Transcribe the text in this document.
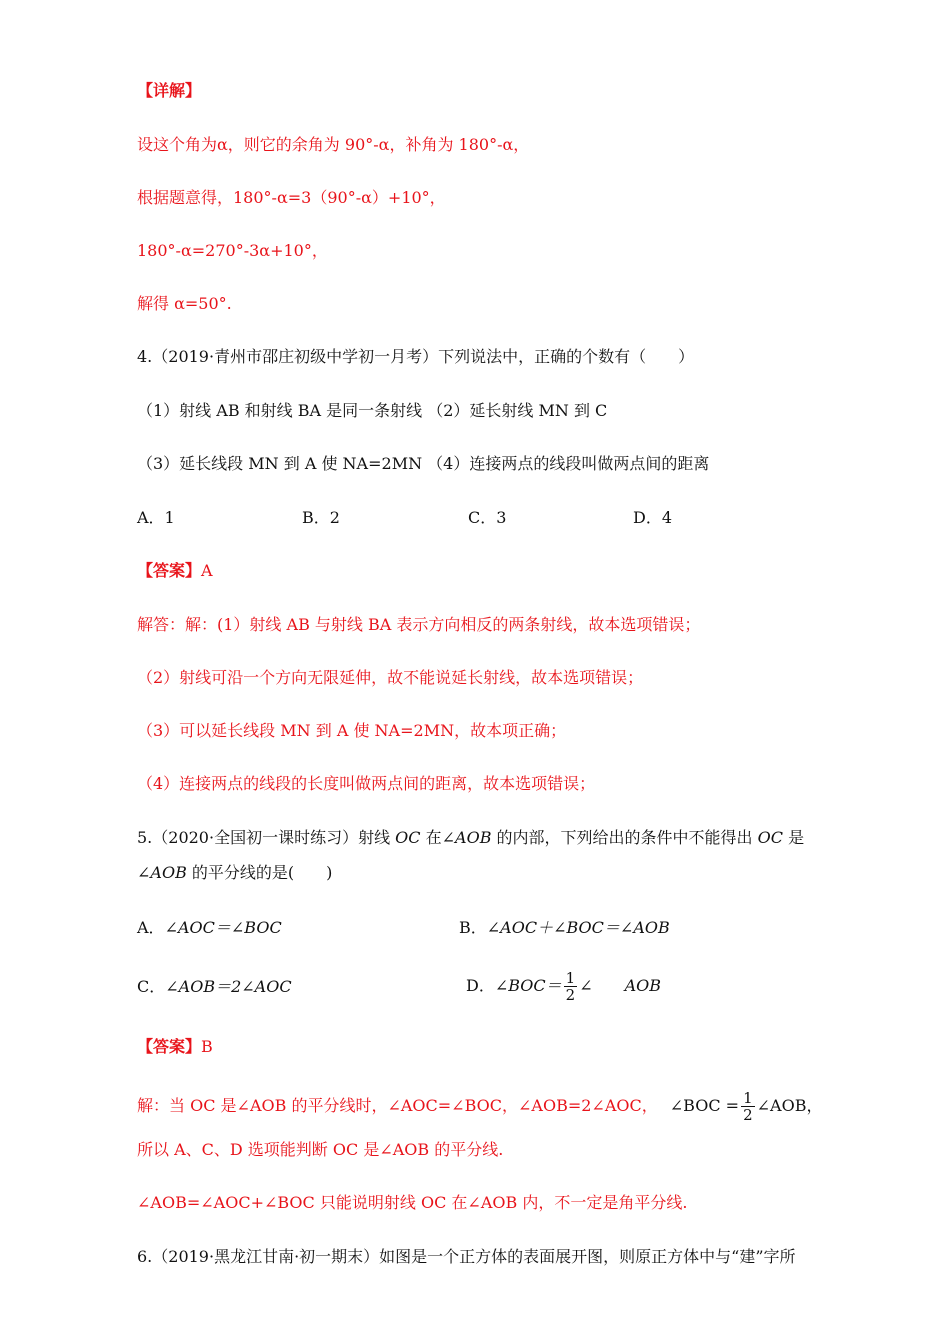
【详解】
设这个角为α，则它的余角为 90°-α，补角为 180°-α，
根据题意得，180°-α=3（90°-α）+10°，
180°-α=270°-3α+10°，
解得 α=50°.
4.（2019·青州市邵庄初级中学初一月考）下列说法中，正确的个数有（　　）
（1）射线 AB 和射线 BA 是同一条射线 （2）延长射线 MN 到 C
（3）延长线段 MN 到 A 使 NA=2MN （4）连接两点的线段叫做两点间的距离
A．1	B．2	C．3	D．4
【答案】A
解答：解：(1）射线 AB 与射线 BA 表示方向相反的两条射线，故本选项错误；
（2）射线可沿一个方向无限延伸，故不能说延长射线，故本选项错误；
（3）可以延长线段 MN 到 A 使 NA=2MN，故本项正确；
（4）连接两点的线段的长度叫做两点间的距离，故本选项错误；
5.（2020·全国初一课时练习）射线 OC 在∠AOB 的内部，下列给出的条件中不能得出 OC 是
∠AOB 的平分线的是(　　)
A．∠AOC＝∠BOC	B．∠AOC＋∠BOC＝∠AOB
C．∠AOB＝2∠AOC	D．∠BOC＝ $\frac{1}{2}$ ∠ AOB
【答案】B
解：当 OC 是∠AOB 的平分线时，∠AOC=∠BOC，∠AOB=2∠AOC， ∠BOC = $\frac{1}{2}$ ∠AOB，
所以 A、C、D 选项能判断 OC 是∠AOB 的平分线.
∠AOB=∠AOC+∠BOC 只能说明射线 OC 在∠AOB 内，不一定是角平分线.
6.（2019·黑龙江甘南·初一期末）如图是一个正方体的表面展开图，则原正方体中与“建”字所
